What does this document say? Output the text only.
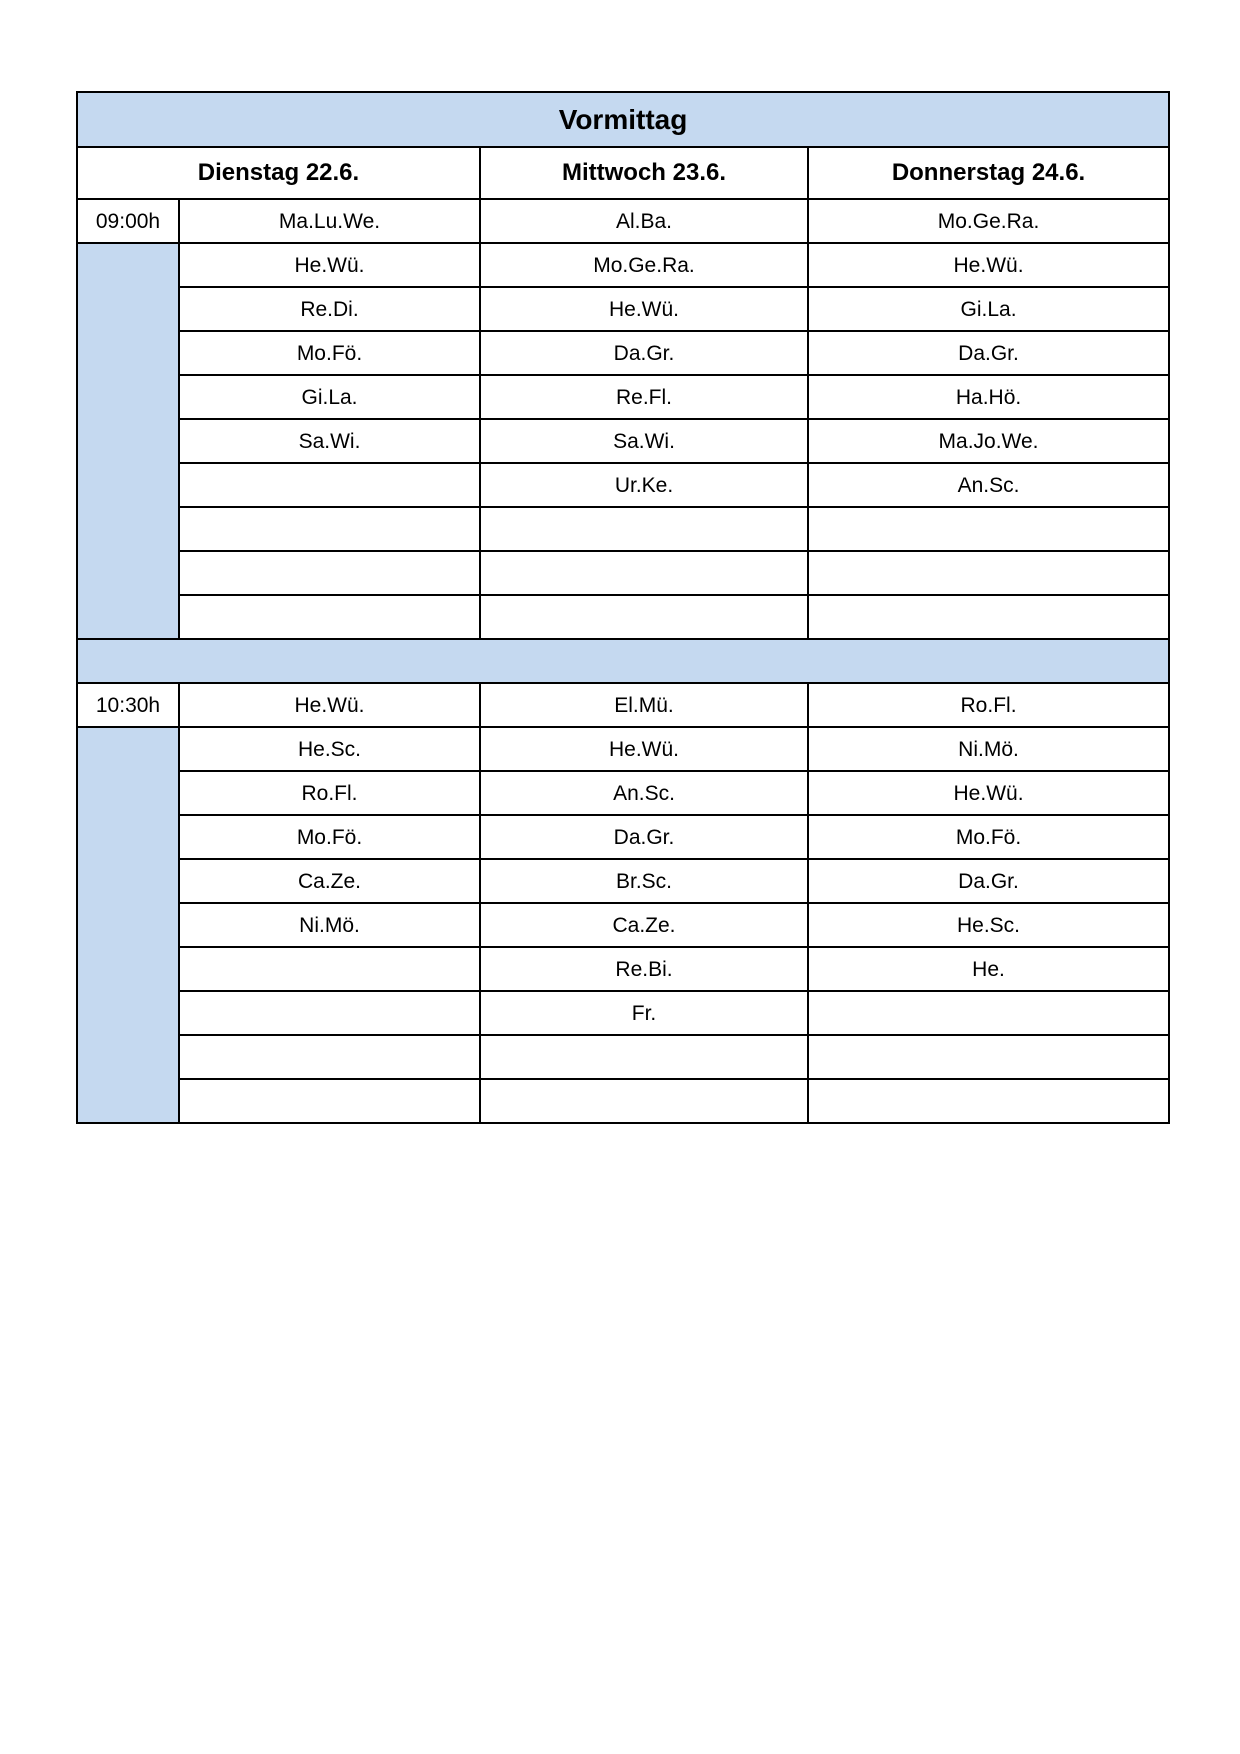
Vormittag			
Dienstag 22.6.		Mittwoch 23.6.	Donnerstag 24.6.
09:00h	Ma.Lu.We.	Al.Ba.	Mo.Ge.Ra.
	He.Wü.	Mo.Ge.Ra.	He.Wü.
	Re.Di.	He.Wü.	Gi.La.
	Mo.Fö.	Da.Gr.	Da.Gr.
	Gi.La.	Re.Fl.	Ha.Hö.
	Sa.Wi.	Sa.Wi.	Ma.Jo.We.
		Ur.Ke.	An.Sc.

10:30h	He.Wü.	El.Mü.	Ro.Fl.
	He.Sc.	He.Wü.	Ni.Mö.
	Ro.Fl.	An.Sc.	He.Wü.
	Mo.Fö.	Da.Gr.	Mo.Fö.
	Ca.Ze.	Br.Sc.	Da.Gr.
	Ni.Mö.	Ca.Ze.	He.Sc.
		Re.Bi.	He.
		Fr.	
